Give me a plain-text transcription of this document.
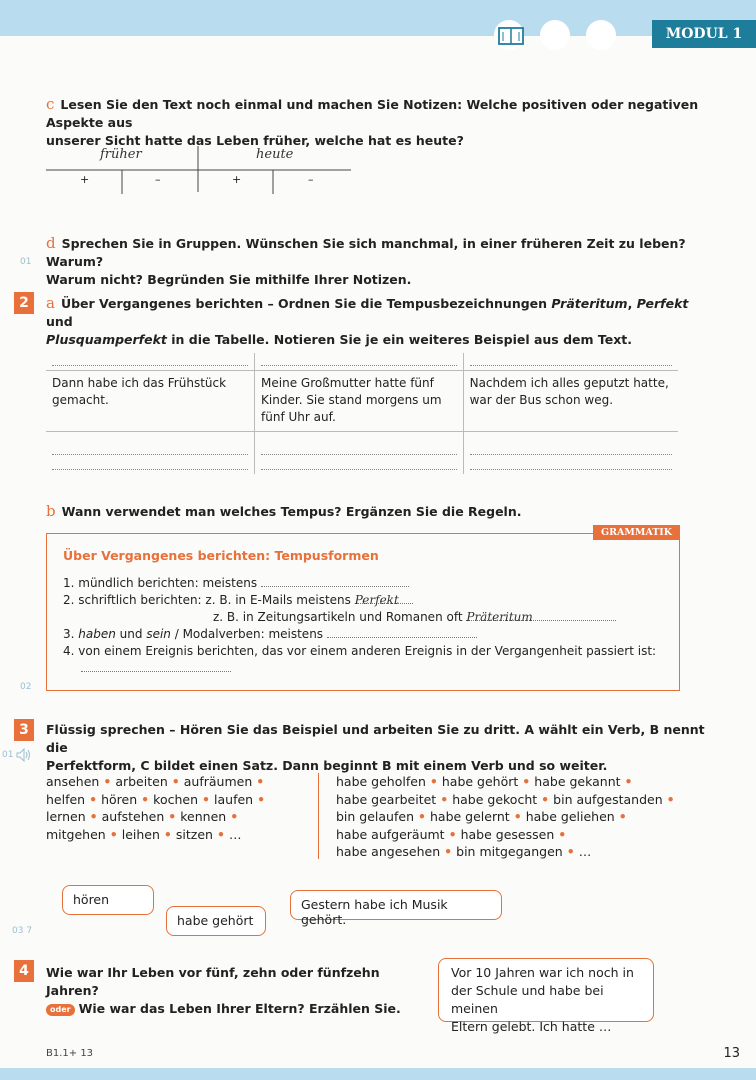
MODUL 1
c Lesen Sie den Text noch einmal und machen Sie Notizen: Welche positiven oder negativen Aspekte aus
unserer Sicht hatte das Leben früher, welche hat es heute?
früher	heute
+	–	+	–
d Sprechen Sie in Gruppen. Wünschen Sie sich manchmal, in einer früheren Zeit zu leben? Warum?
Warum nicht? Begründen Sie mithilfe Ihrer Notizen.
01
2	a Über Vergangenes berichten – Ordnen Sie die Tempusbezeichnungen Präteritum, Perfekt und
Plusquamperfekt in die Tabelle. Notieren Sie je ein weiteres Beispiel aus dem Text.

Dann habe ich das Frühstück gemacht.	Meine Großmutter hatte fünf Kinder. Sie stand morgens um fünf Uhr auf.	Nachdem ich alles geputzt hatte, war der Bus schon weg.

b Wann verwendet man welches Tempus? Ergänzen Sie die Regeln.
GRAMMATIK
Über Vergangenes berichten: Tempusformen
1. mündlich berichten: meistens
2. schriftlich berichten: z. B. in E-Mails meistens Perfekt
z. B. in Zeitungsartikeln und Romanen oft Präteritum
3. haben und sein / Modalverben: meistens
4. von einem Ereignis berichten, das vor einem anderen Ereignis in der Vergangenheit passiert ist:
02
3	Flüssig sprechen – Hören Sie das Beispiel und arbeiten Sie zu dritt. A wählt ein Verb, B nennt die
Perfektform, C bildet einen Satz. Dann beginnt B mit einem Verb und so weiter.
01
ansehen • arbeiten • aufräumen •
helfen • hören • kochen • laufen •
lernen • aufstehen • kennen •
mitgehen • leihen • sitzen • …
habe geholfen • habe gehört • habe gekannt •
habe gearbeitet • habe gekocht • bin aufgestanden •
bin gelaufen • habe gelernt • habe geliehen •
habe aufgeräumt • habe gesessen •
habe angesehen • bin mitgegangen • …
hören
habe gehört
Gestern habe ich Musik gehört.
03 7
4	Wie war Ihr Leben vor fünf, zehn oder fünfzehn Jahren?
oder Wie war das Leben Ihrer Eltern? Erzählen Sie.
Vor 10 Jahren war ich noch in
der Schule und habe bei meinen
Eltern gelebt. Ich hatte …
B1.1+ 13	13
